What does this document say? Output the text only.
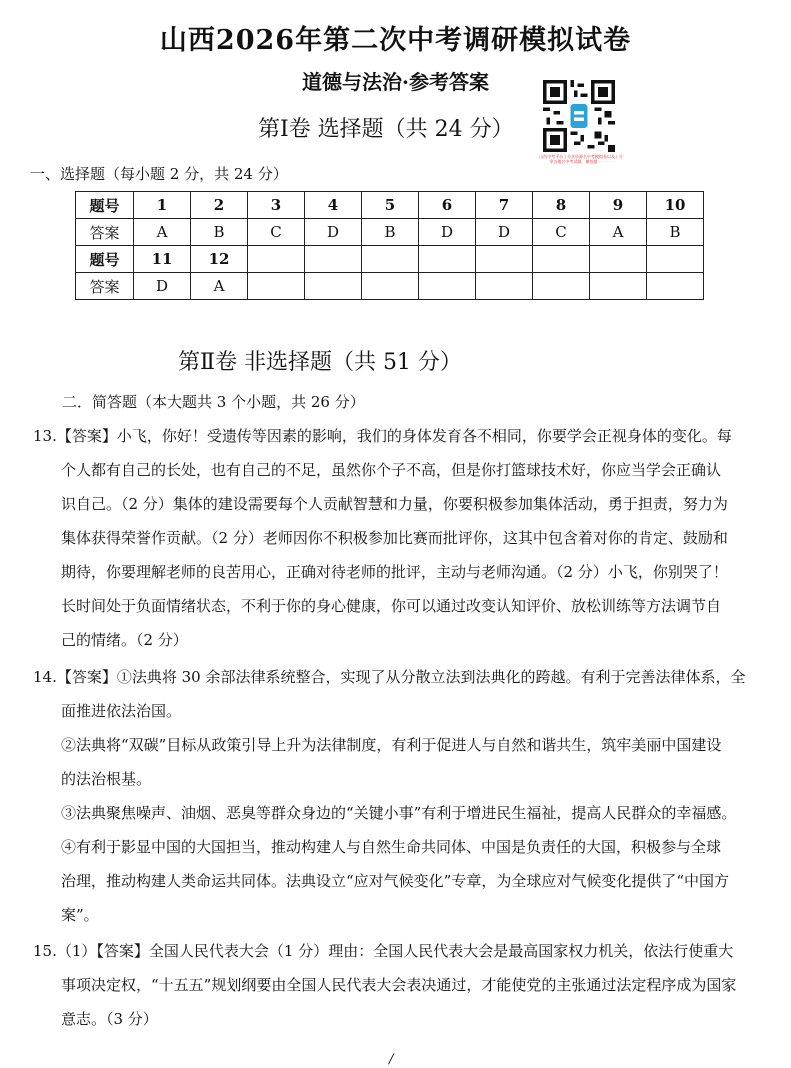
山西2026年第二次中考调研模拟试卷
道德与法治·参考答案
第Ⅰ卷 选择题（共 24 分）
山西中考平台 | 分享资源名中考模拟卷以及 | 分享各地名中考试题、模拟题 · · · · · ·
一、选择题（每小题 2 分，共 24 分）
题号	1	2	3	4	5	6	7	8	9	10
答案	A	B	C	D	B	D	D	C	A	B
题号	11	12								
答案	D	A								
第Ⅱ卷 非选择题（共 51 分）
二．简答题（本大题共 3 个小题，共 26 分）
13.【答案】小飞，你好！受遗传等因素的影响，我们的身体发育各不相同，你要学会正视身体的变化。每
个人都有自己的长处，也有自己的不足，虽然你个子不高，但是你打篮球技术好，你应当学会正确认
识自己。（2 分）集体的建设需要每个人贡献智慧和力量，你要积极参加集体活动，勇于担责，努力为
集体获得荣誉作贡献。（2 分）老师因你不积极参加比赛而批评你，这其中包含着对你的肯定、鼓励和
期待，你要理解老师的良苦用心，正确对待老师的批评，主动与老师沟通。（2 分）小飞，你别哭了！
长时间处于负面情绪状态，不利于你的身心健康，你可以通过改变认知评价、放松训练等方法调节自
己的情绪。（2 分）
14.【答案】①法典将 30 余部法律系统整合，实现了从分散立法到法典化的跨越。有利于完善法律体系，全
面推进依法治国。
②法典将“双碳”目标从政策引导上升为法律制度，有利于促进人与自然和谐共生，筑牢美丽中国建设
的法治根基。
③法典聚焦噪声、油烟、恶臭等群众身边的“关键小事”有利于增进民生福祉，提高人民群众的幸福感。
④有利于影显中国的大国担当，推动构建人与自然生命共同体、中国是负责任的大国，积极参与全球
治理，推动构建人类命运共同体。法典设立“应对气候变化”专章，为全球应对气候变化提供了“中国方
案”。
15.（1）【答案】全国人民代表大会（1 分）理由：全国人民代表大会是最高国家权力机关，依法行使重大
事项决定权，“十五五”规划纲要由全国人民代表大会表决通过，才能使党的主张通过法定程序成为国家
意志。（3 分）
/
